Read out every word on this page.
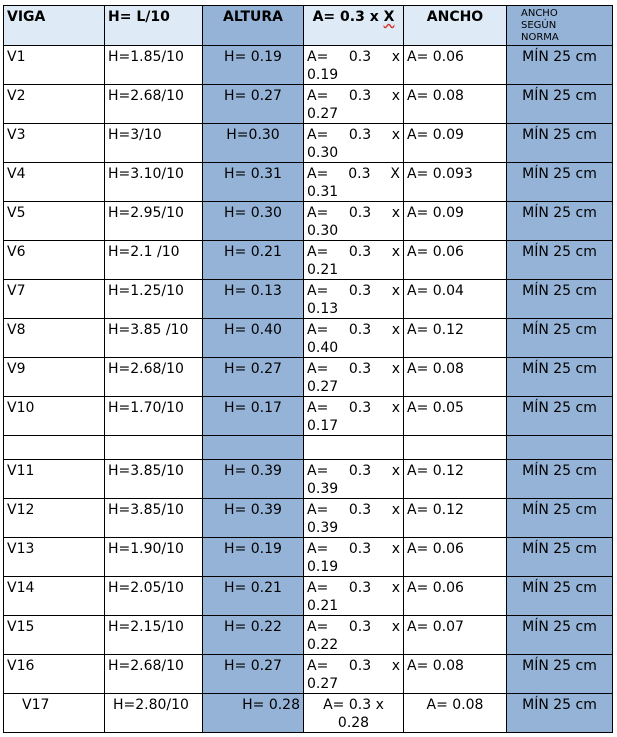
VIGA	H= L/10	ALTURA	A= 0.3 x X	ANCHO	ANCHO
SEGÚN
NORMA

V1	H=1.85/10	H= 0.19	A= 0.3 x
0.19	A= 0.06	MÍN 25 cm
V2	H=2.68/10	H= 0.27	A= 0.3 x
0.27	A= 0.08	MÍN 25 cm
V3	H=3/10	H=0.30	A= 0.3 x
0.30	A= 0.09	MÍN 25 cm
V4	H=3.10/10	H= 0.31	A= 0.3 X
0.31	A= 0.093	MÍN 25 cm
V5	H=2.95/10	H= 0.30	A= 0.3 x
0.30	A= 0.09	MÍN 25 cm
V6	H=2.1 /10	H= 0.21	A= 0.3 x
0.21	A= 0.06	MÍN 25 cm
V7	H=1.25/10	H= 0.13	A= 0.3 x
0.13	A= 0.04	MÍN 25 cm
V8	H=3.85 /10	H= 0.40	A= 0.3 x
0.40	A= 0.12	MÍN 25 cm
V9	H=2.68/10	H= 0.27	A= 0.3 x
0.27	A= 0.08	MÍN 25 cm
V10	H=1.70/10	H= 0.17	A= 0.3 x
0.17	A= 0.05	MÍN 25 cm

V11	H=3.85/10	H= 0.39	A= 0.3 x
0.39	A= 0.12	MÍN 25 cm
V12	H=3.85/10	H= 0.39	A= 0.3 x
0.39	A= 0.12	MÍN 25 cm
V13	H=1.90/10	H= 0.19	A= 0.3 x
0.19	A= 0.06	MÍN 25 cm
V14	H=2.05/10	H= 0.21	A= 0.3 x
0.21	A= 0.06	MÍN 25 cm
V15	H=2.15/10	H= 0.22	A= 0.3 x
0.22	A= 0.07	MÍN 25 cm
V16	H=2.68/10	H= 0.27	A= 0.3 x
0.27	A= 0.08	MÍN 25 cm
V17	H=2.80/10	H= 0.28	A= 0.3 x
0.28	A= 0.08	MÍN 25 cm
